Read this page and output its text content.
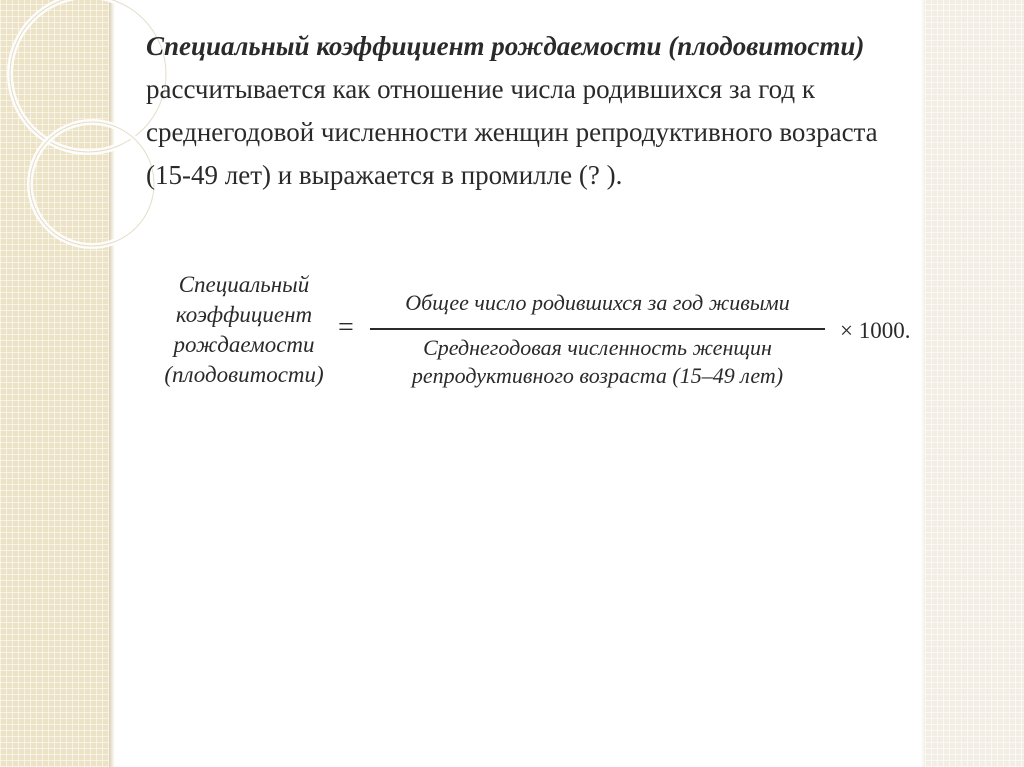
Специальный коэффициент рождаемости (плодовитости) рассчитывается как отношение числа родившихся за год к среднегодовой численности женщин репродуктивного возраста (15-49 лет) и выражается в промилле (? ).
Специальный
коэффициент
рождаемости
(плодовитости)
=
Общее число родившихся за год живыми
Среднегодовая численность женщин
репродуктивного возраста (15–49 лет)
× 1000.
